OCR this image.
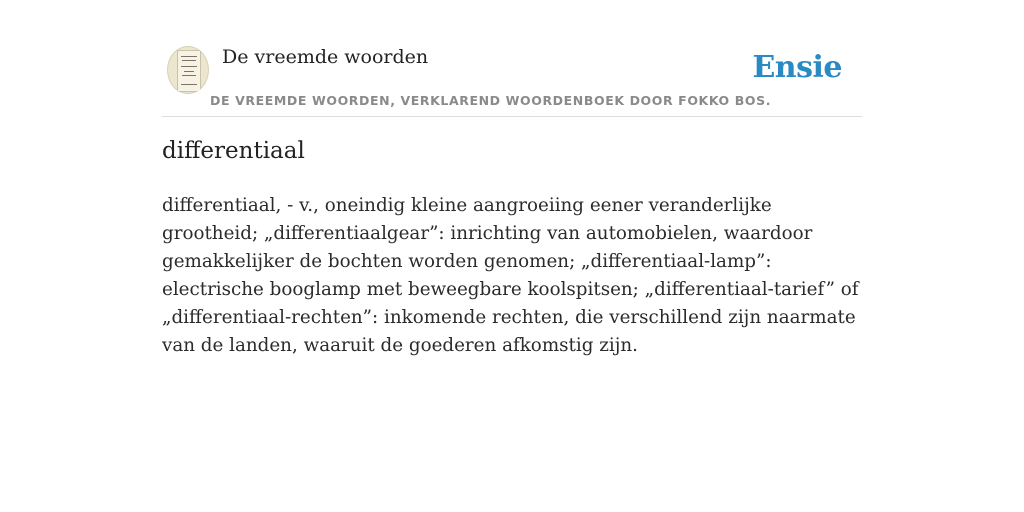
De vreemde woorden
DE VREEMDE WOORDEN, VERKLAREND WOORDENBOEK DOOR FOKKO BOS.
Ensie
differentiaal

differentiaal, - v., oneindig kleine aangroeiing eener veranderlijke grootheid; „differentiaalgear”: inrichting van automobielen, waardoor gemakkelijker de bochten worden genomen; „differentiaal-lamp”: electrische booglamp met beweegbare koolspitsen; „differentiaal-tarief” of „differentiaal-rechten”: inkomende rechten, die verschillend zijn naarmate van de landen, waaruit de goederen afkomstig zijn.
